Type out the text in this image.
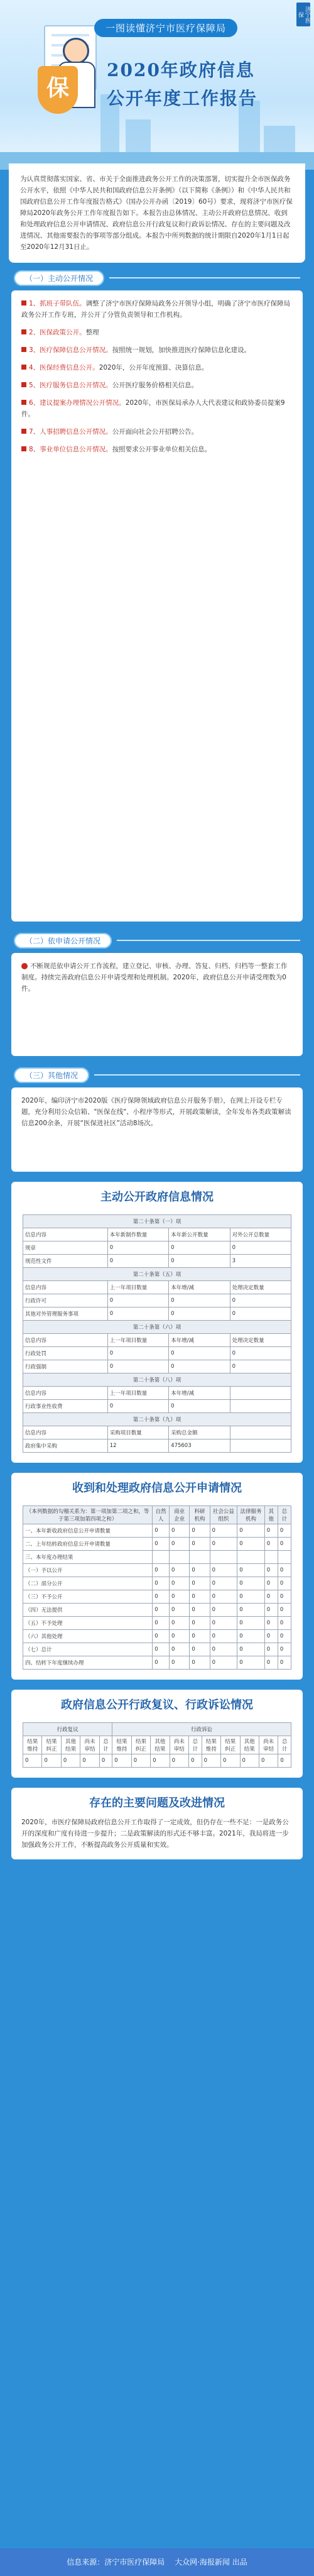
保
济宁医保
一图读懂济宁市医疗保障局
2020年政府信息
公开年度工作报告
为认真贯彻落实国家、省、市关于全面推进政务公开工作的决策部署，切实提升全市医保政务公开水平，依照《中华人民共和国政府信息公开条例》（以下简称《条例》）和《中华人民共和国政府信息公开工作年度报告格式》（国办公开办函〔2019〕60号）要求，现将济宁市医疗保障局2020年政务公开工作年度报告如下。本报告由总体情况、主动公开政府信息情况、收到和处理政府信息公开申请情况、政府信息公开行政复议和行政诉讼情况、存在的主要问题及改进情况、其他需要报告的事项等部分组成。本报告中所列数据的统计期限自2020年1月1日起至2020年12月31日止。
（一）主动公开情况
1、抓班子带队伍。调整了济宁市医疗保障局政务公开领导小组，明确了济宁市医疗保障局政务公开工作专班，并公开了分管负责领导和工作机构。
2、医保政策公开。整理
3、医疗保障信息公开情况。按照统一规划，加快推进医疗保障信息化建设。
4、医保经费信息公开。2020年，公开年度预算、决算信息。
5、医疗服务信息公开情况。公开医疗服务价格相关信息。
6、建议提案办理情况公开情况。2020年，市医保局承办人大代表建议和政协委员提案9件。
7、人事招聘信息公开情况。公开面向社会公开招聘公告。
8、事业单位信息公开情况。按照要求公开事业单位相关信息。
（二）依申请公开情况
不断规范依申请公开工作流程，建立登记、审核、办理、答复、归档、归档等一整套工作制度。持续完善政府信息公开申请受理和处理机制。2020年，政府信息公开申请受理数为0件。
（三）其他情况
2020年，编印济宁市2020版《医疗保障领域政府信息公开服务手册》，在网上开设专栏专题，充分利用公众信箱、"医保在线"、小程序等形式，开展政策解读，全年发布各类政策解读信息200余条，开展“医保进社区”活动8场次。
主动公开政府信息情况
第二十条第（一）项			
信息内容	本年新制作数量	本年新公开数量	对外公开总数量
规章	0	0	0
规范性文件	0	0	3
第二十条第（五）项			
信息内容	上一年项目数量	本年增/减	处理决定数量
行政许可	0	0	0
其他对外管理服务事项	0	0	0
第二十条第（六）项			
信息内容	上一年项目数量	本年增/减	处理决定数量
行政处罚	0	0	0
行政强制	0	0	0
第二十条第（八）项			
信息内容	上一年项目数量	本年增/减	
行政事业性收费	0	0	
第二十条第（九）项			
信息内容	采购项目数量	采购总金额	
政府集中采购	12	475603	
收到和处理政府信息公开申请情况
（本列数据的勾稽关系为：第一项加第二项之和，等于第三项加第四项之和）	自然人	商业企业	科研机构	社会公益组织	法律服务机构	其他	总计
一、本年新收政府信息公开申请数量	0	0	0	0	0	0	0
二、上年结转政府信息公开申请数量	0	0	0	0	0	0	0
三、本年度办理结果							
（一）予以公开	0	0	0	0	0	0	0
（二）部分公开	0	0	0	0	0	0	0
（三）不予公开	0	0	0	0	0	0	0
（四）无法提供	0	0	0	0	0	0	0
（五）不予处理	0	0	0	0	0	0	0
（六）其他处理	0	0	0	0	0	0	0
（七）总计	0	0	0	0	0	0	0
四、结转下年度继续办理	0	0	0	0	0	0	0
政府信息公开行政复议、行政诉讼情况
行政复议					行政诉讼									
结果维持	结果纠正	其他结果	尚未审结	总计	结果维持	结果纠正	其他结果	尚未审结	总计	结果维持	结果纠正	其他结果	尚未审结	总计
0	0	0	0	0	0	0	0	0	0	0	0	0	0	0
存在的主要问题及改进情况
2020年，市医疗保障局政府信息公开工作取得了一定成效，但仍存在一些不足：一是政务公开的深度和广度有待进一步提升；二是政策解读的形式还不够丰富。2021年，我局将进一步加强政务公开工作，不断提高政务公开质量和实效。
信息来源：济宁市医疗保障局 大众网·海报新闻 出品
